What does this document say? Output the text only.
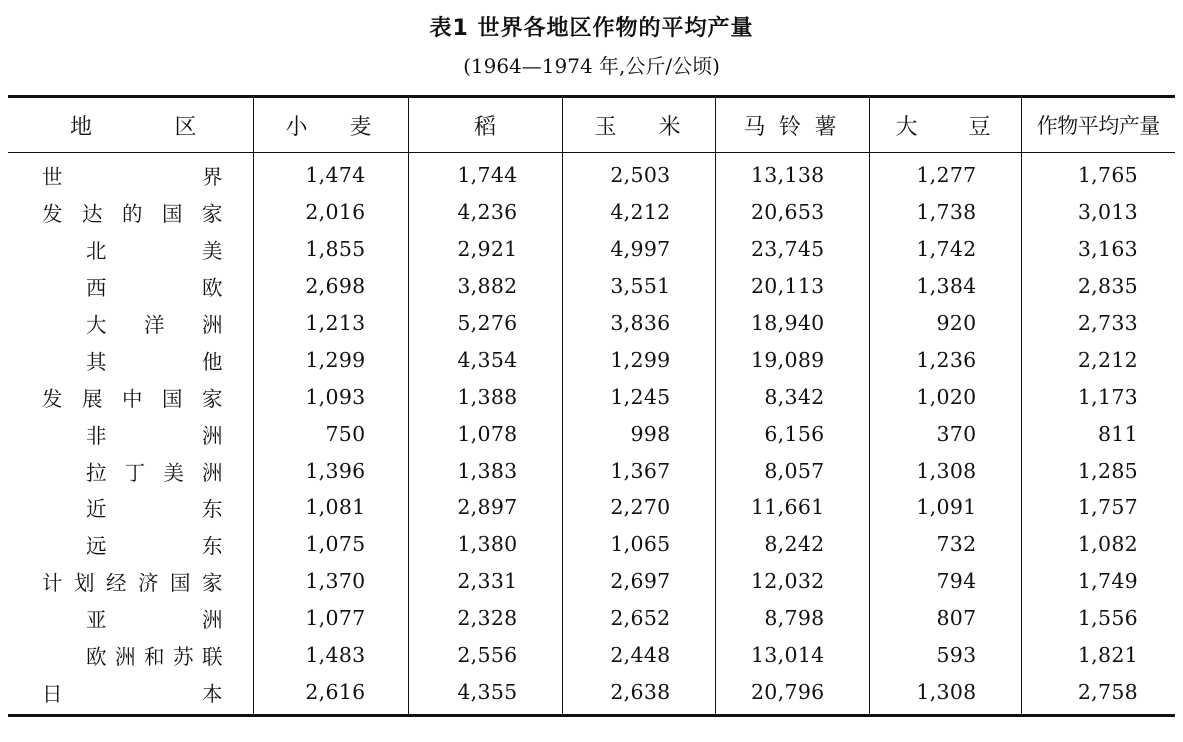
表1 世界各地区作物的平均产量
(1964—1974 年,公斤/公顷)
地　区	小　麦	稻	玉　米	马 铃 薯	大　豆	作物平均产量

世界	1,474	1,744	2,503	13,138	1,277	1,765

发达的国家	2,016	4,236	4,212	20,653	1,738	3,013

北美	1,855	2,921	4,997	23,745	1,742	3,163

西欧	2,698	3,882	3,551	20,113	1,384	2,835

大洋洲	1,213	5,276	3,836	18,940	920	2,733

其他	1,299	4,354	1,299	19,089	1,236	2,212

发展中国家	1,093	1,388	1,245	8,342	1,020	1,173

非洲	750	1,078	998	6,156	370	811

拉丁美洲	1,396	1,383	1,367	8,057	1,308	1,285

近东	1,081	2,897	2,270	11,661	1,091	1,757

远东	1,075	1,380	1,065	8,242	732	1,082

计划经济国家	1,370	2,331	2,697	12,032	794	1,749

亚洲	1,077	2,328	2,652	8,798	807	1,556

欧洲和苏联	1,483	2,556	2,448	13,014	593	1,821

日本	2,616	4,355	2,638	20,796	1,308	2,758
